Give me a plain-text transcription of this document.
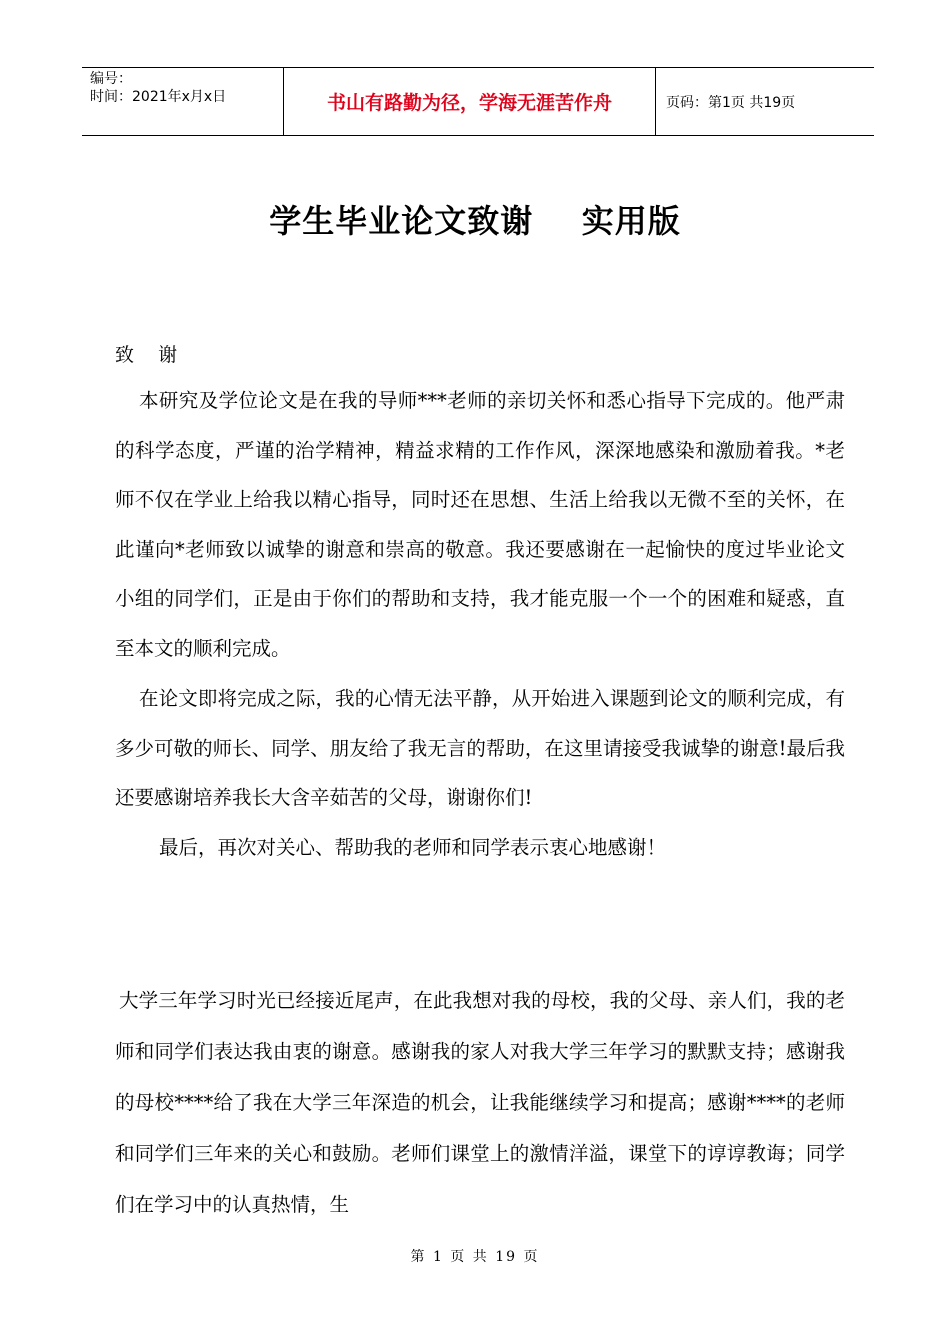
编号：
时间：2021年x月x日	书山有路勤为径，学海无涯苦作舟	页码：第1页 共19页
学生毕业论文致谢    实用版
致    谢
本研究及学位论文是在我的导师***老师的亲切关怀和悉心指导下完成的。他严肃的科学态度，严谨的治学精神，精益求精的工作作风，深深地感染和激励着我。*老师不仅在学业上给我以精心指导，同时还在思想、生活上给我以无微不至的关怀，在此谨向*老师致以诚挚的谢意和崇高的敬意。我还要感谢在一起愉快的度过毕业论文小组的同学们，正是由于你们的帮助和支持，我才能克服一个一个的困难和疑惑，直至本文的顺利完成。
在论文即将完成之际，我的心情无法平静，从开始进入课题到论文的顺利完成，有多少可敬的师长、同学、朋友给了我无言的帮助，在这里请接受我诚挚的谢意!最后我还要感谢培养我长大含辛茹苦的父母，谢谢你们!
最后，再次对关心、帮助我的老师和同学表示衷心地感谢！
大学三年学习时光已经接近尾声，在此我想对我的母校，我的父母、亲人们，我的老师和同学们表达我由衷的谢意。感谢我的家人对我大学三年学习的默默支持；感谢我的母校****给了我在大学三年深造的机会，让我能继续学习和提高；感谢****的老师和同学们三年来的关心和鼓励。老师们课堂上的激情洋溢，课堂下的谆谆教诲；同学们在学习中的认真热情，生
第 1 页 共 19 页
